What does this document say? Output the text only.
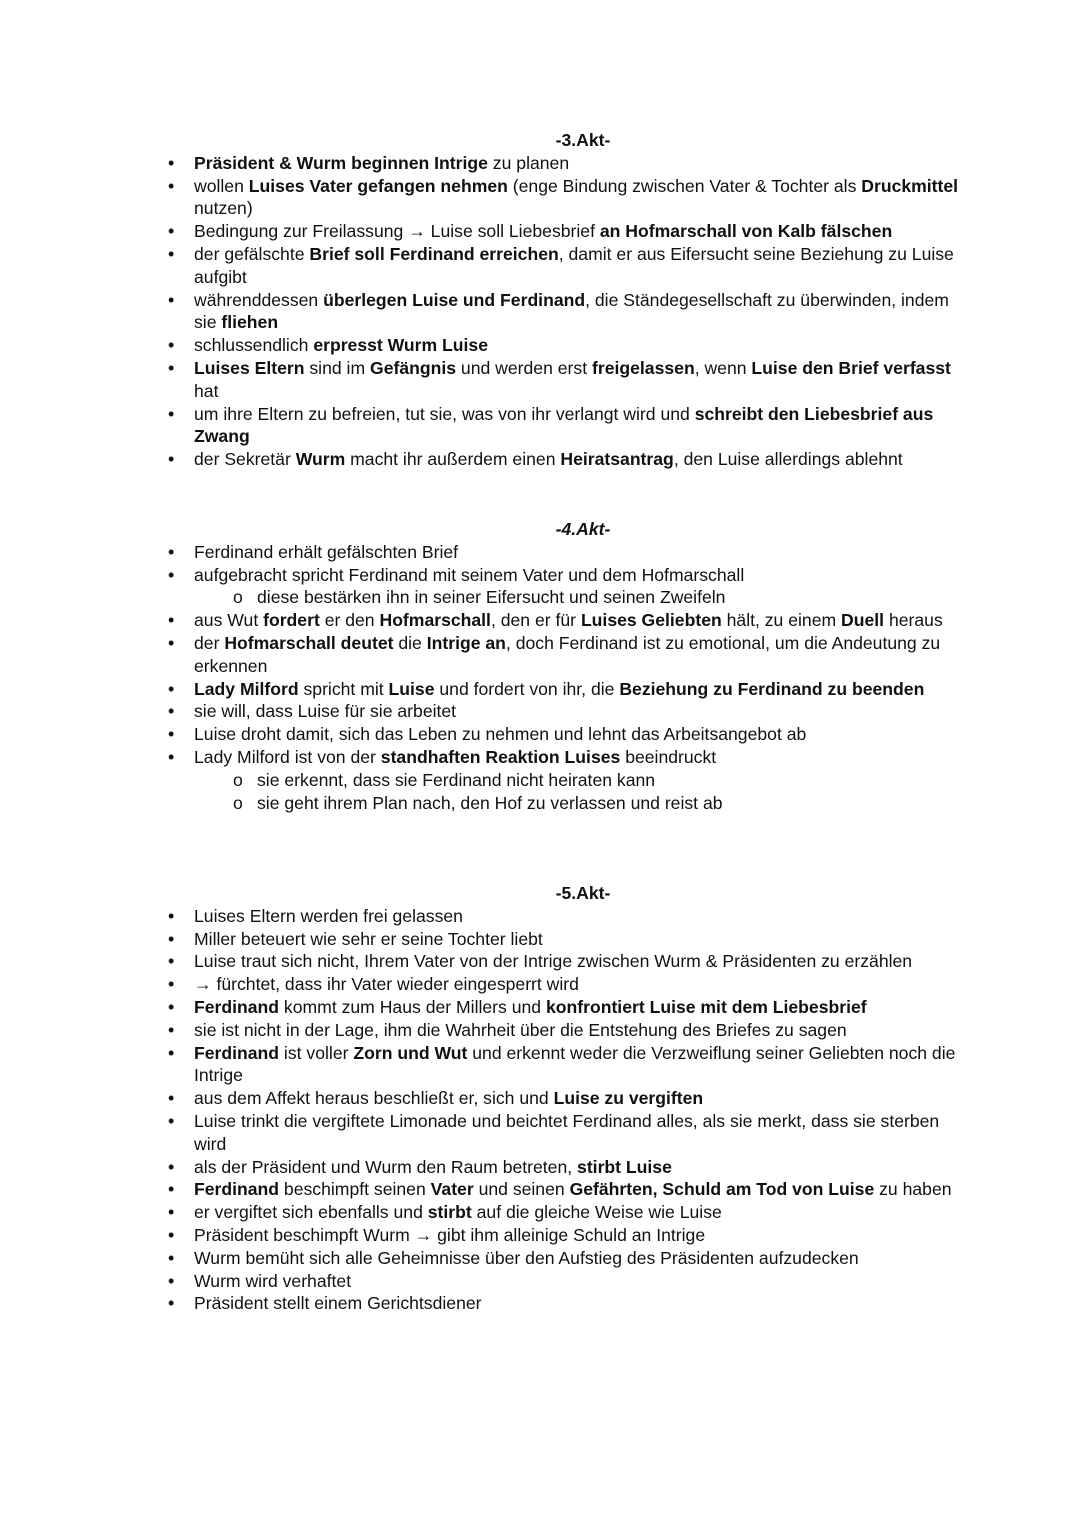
-3.Akt-
• Präsident & Wurm beginnen Intrige zu planen
• wollen Luises Vater gefangen nehmen (enge Bindung zwischen Vater & Tochter als Druckmittel nutzen)
• Bedingung zur Freilassung → Luise soll Liebesbrief an Hofmarschall von Kalb fälschen
• der gefälschte Brief soll Ferdinand erreichen, damit er aus Eifersucht seine Beziehung zu Luise aufgibt
• währenddessen überlegen Luise und Ferdinand, die Ständegesellschaft zu überwinden, indem sie fliehen
• schlussendlich erpresst Wurm Luise
• Luises Eltern sind im Gefängnis und werden erst freigelassen, wenn Luise den Brief verfasst hat
• um ihre Eltern zu befreien, tut sie, was von ihr verlangt wird und schreibt den Liebesbrief aus Zwang
• der Sekretär Wurm macht ihr außerdem einen Heiratsantrag, den Luise allerdings ablehnt
-4.Akt-
• Ferdinand erhält gefälschten Brief
• aufgebracht spricht Ferdinand mit seinem Vater und dem Hofmarschall
o diese bestärken ihn in seiner Eifersucht und seinen Zweifeln
• aus Wut fordert er den Hofmarschall, den er für Luises Geliebten hält, zu einem Duell heraus
• der Hofmarschall deutet die Intrige an, doch Ferdinand ist zu emotional, um die Andeutung zu erkennen
• Lady Milford spricht mit Luise und fordert von ihr, die Beziehung zu Ferdinand zu beenden
• sie will, dass Luise für sie arbeitet
• Luise droht damit, sich das Leben zu nehmen und lehnt das Arbeitsangebot ab
• Lady Milford ist von der standhaften Reaktion Luises beeindruckt
o sie erkennt, dass sie Ferdinand nicht heiraten kann
o sie geht ihrem Plan nach, den Hof zu verlassen und reist ab
-5.Akt-
• Luises Eltern werden frei gelassen
• Miller beteuert wie sehr er seine Tochter liebt
• Luise traut sich nicht, Ihrem Vater von der Intrige zwischen Wurm & Präsidenten zu erzählen
• → fürchtet, dass ihr Vater wieder eingesperrt wird
• Ferdinand kommt zum Haus der Millers und konfrontiert Luise mit dem Liebesbrief
• sie ist nicht in der Lage, ihm die Wahrheit über die Entstehung des Briefes zu sagen
• Ferdinand ist voller Zorn und Wut und erkennt weder die Verzweiflung seiner Geliebten noch die Intrige
• aus dem Affekt heraus beschließt er, sich und Luise zu vergiften
• Luise trinkt die vergiftete Limonade und beichtet Ferdinand alles, als sie merkt, dass sie sterben wird
• als der Präsident und Wurm den Raum betreten, stirbt Luise
• Ferdinand beschimpft seinen Vater und seinen Gefährten, Schuld am Tod von Luise zu haben
• er vergiftet sich ebenfalls und stirbt auf die gleiche Weise wie Luise
• Präsident beschimpft Wurm → gibt ihm alleinige Schuld an Intrige
• Wurm bemüht sich alle Geheimnisse über den Aufstieg des Präsidenten aufzudecken
• Wurm wird verhaftet
• Präsident stellt einem Gerichtsdiener
